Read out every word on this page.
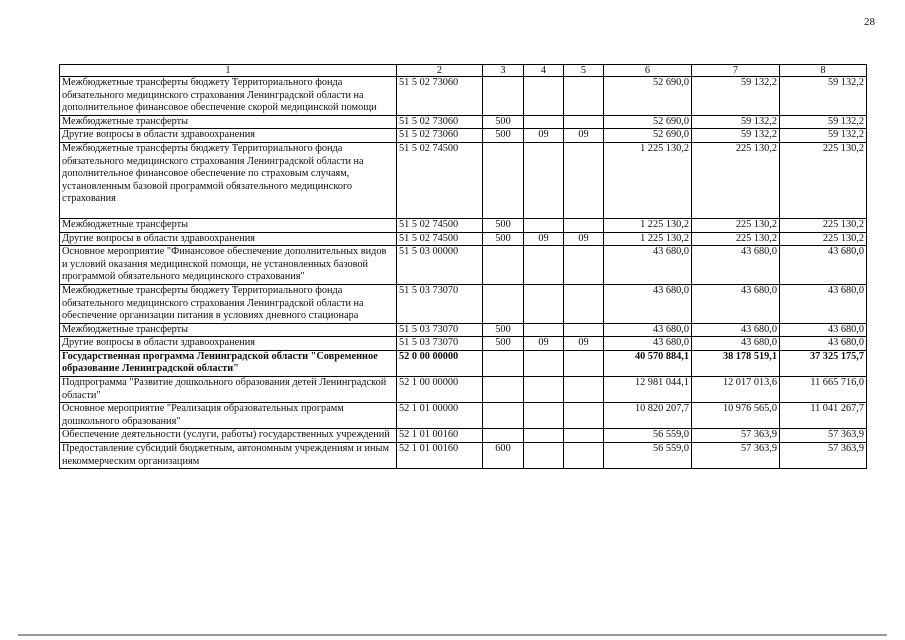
28
1	2	3	4	5	6	7	8
Межбюджетные трансферты бюджету Территориального фонда обязательного медицинского страхования Ленинградской области на дополнительное финансовое обеспечение скорой медицинской помощи	51 5 02 73060				52 690,0	59 132,2	59 132,2
Межбюджетные трансферты	51 5 02 73060	500			52 690,0	59 132,2	59 132,2
Другие вопросы в области здравоохранения	51 5 02 73060	500	09	09	52 690,0	59 132,2	59 132,2
Межбюджетные трансферты бюджету Территориального фонда обязательного медицинского страхования Ленинградской области на дополнительное финансовое обеспечение по страховым случаям, установленным базовой программой обязательного медицинского страхования	51 5 02 74500				1 225 130,2	225 130,2	225 130,2
Межбюджетные трансферты	51 5 02 74500	500			1 225 130,2	225 130,2	225 130,2
Другие вопросы в области здравоохранения	51 5 02 74500	500	09	09	1 225 130,2	225 130,2	225 130,2
Основное мероприятие "Финансовое обеспечение дополнительных видов и условий оказания медицинской помощи, не установленных базовой программой обязательного медицинского страхования"	51 5 03 00000				43 680,0	43 680,0	43 680,0
Межбюджетные трансферты бюджету Территориального фонда обязательного медицинского страхования Ленинградской области на обеспечение организации питания в условиях дневного стационара	51 5 03 73070				43 680,0	43 680,0	43 680,0
Межбюджетные трансферты	51 5 03 73070	500			43 680,0	43 680,0	43 680,0
Другие вопросы в области здравоохранения	51 5 03 73070	500	09	09	43 680,0	43 680,0	43 680,0
Государственная программа Ленинградской области "Современное образование Ленинградской области"	52 0 00 00000				40 570 884,1	38 178 519,1	37 325 175,7
Подпрограмма "Развитие дошкольного образования детей Ленинградской области"	52 1 00 00000				12 981 044,1	12 017 013,6	11 665 716,0
Основное мероприятие "Реализация образовательных программ дошкольного образования"	52 1 01 00000				10 820 207,7	10 976 565,0	11 041 267,7
Обеспечение деятельности (услуги, работы) государственных учреждений	52 1 01 00160				56 559,0	57 363,9	57 363,9
Предоставление субсидий бюджетным, автономным учреждениям и иным некоммерческим организациям	52 1 01 00160	600			56 559,0	57 363,9	57 363,9
